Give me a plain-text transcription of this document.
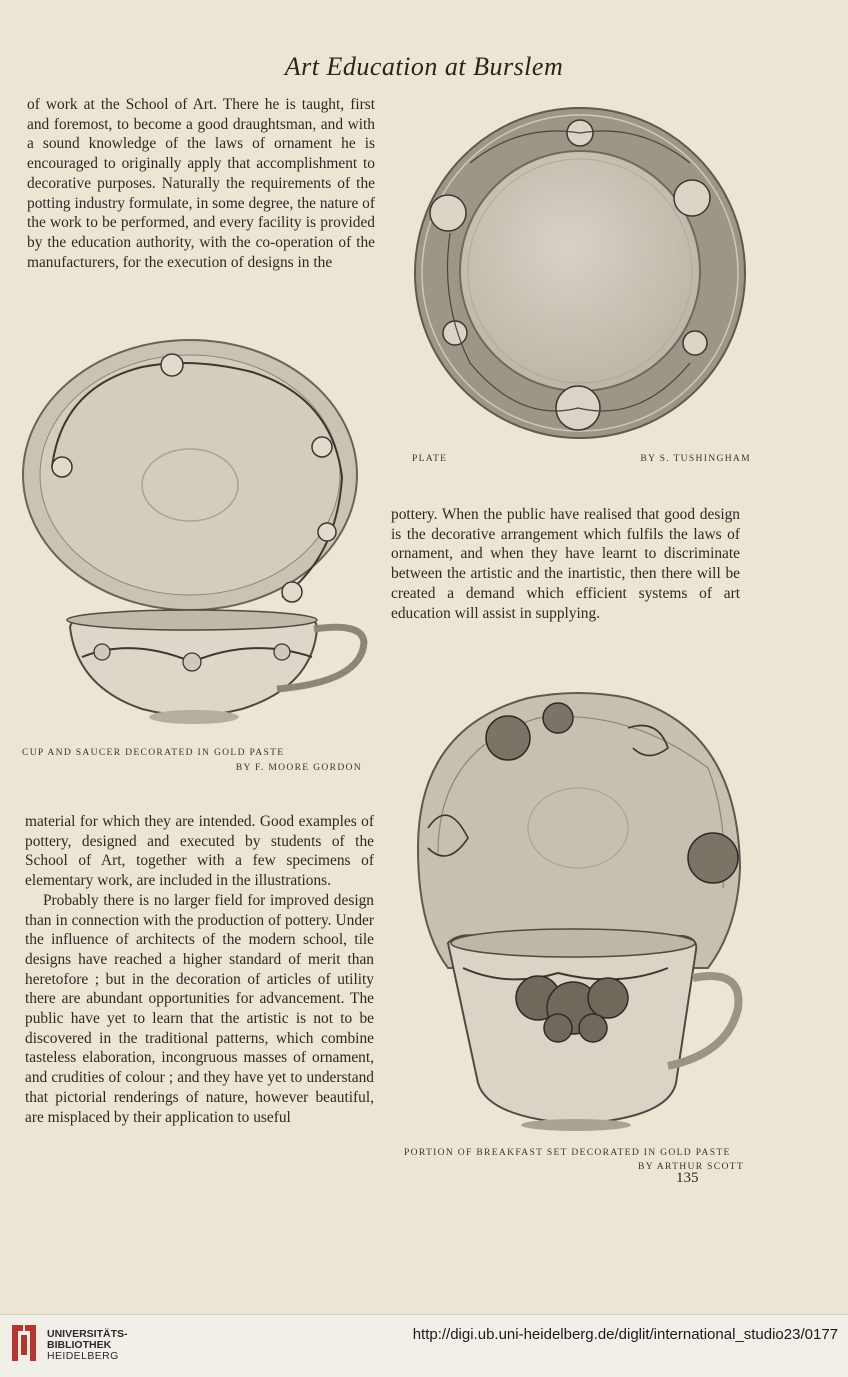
Art Education at Burslem

of work at the School of Art. There he is taught, first and foremost, to become a good draughtsman, and with a sound knowledge of the laws of ornament he is encouraged to originally apply that accomplishment to decorative purposes. Naturally the requirements of the potting industry formulate, in some degree, the nature of the work to be performed, and every facility is provided by the education authority, with the co-operation of the manufacturers, for the execution of designs in the

PLATE	BY S. TUSHINGHAM
CUP AND SAUCER DECORATED IN GOLD PASTE
BY F. MOORE GORDON

pottery. When the public have realised that good design is the decorative arrangement which fulfils the laws of ornament, and when they have learnt to discriminate between the artistic and the inartistic, then there will be created a demand which efficient systems of art education will assist in supplying.

material for which they are intended. Good examples of pottery, designed and executed by students of the School of Art, together with a few specimens of elementary work, are included in the illustrations.

Probably there is no larger field for improved design than in connection with the production of pottery. Under the influence of architects of the modern school, tile designs have reached a higher standard of merit than heretofore ; but in the decoration of articles of utility there are abundant opportunities for advancement. The public have yet to learn that the artistic is not to be discovered in the traditional patterns, which combine tasteless elaboration, incongruous masses of ornament, and crudities of colour ; and they have yet to understand that pictorial renderings of nature, however beautiful, are misplaced by their application to useful

PORTION OF BREAKFAST SET DECORATED IN GOLD PASTE
BY ARTHUR SCOTT
135
UNIVERSITÄTS-
BIBLIOTHEK
HEIDELBERG
http://digi.ub.uni-heidelberg.de/diglit/international_studio23/0177
